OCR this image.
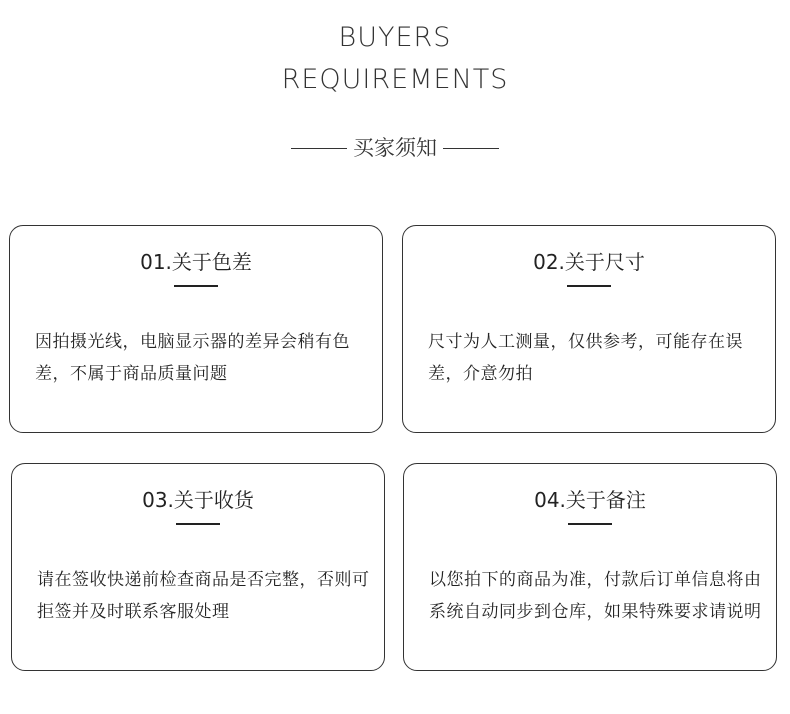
BUYERS
REQUIREMENTS
买家须知
01.关于色差
因拍摄光线，电脑显示器的差异会稍有色差，不属于商品质量问题
02.关于尺寸
尺寸为人工测量，仅供参考，可能存在误差，介意勿拍
03.关于收货
请在签收快递前检查商品是否完整，否则可拒签并及时联系客服处理
04.关于备注
以您拍下的商品为准，付款后订单信息将由系统自动同步到仓库，如果特殊要求请说明
